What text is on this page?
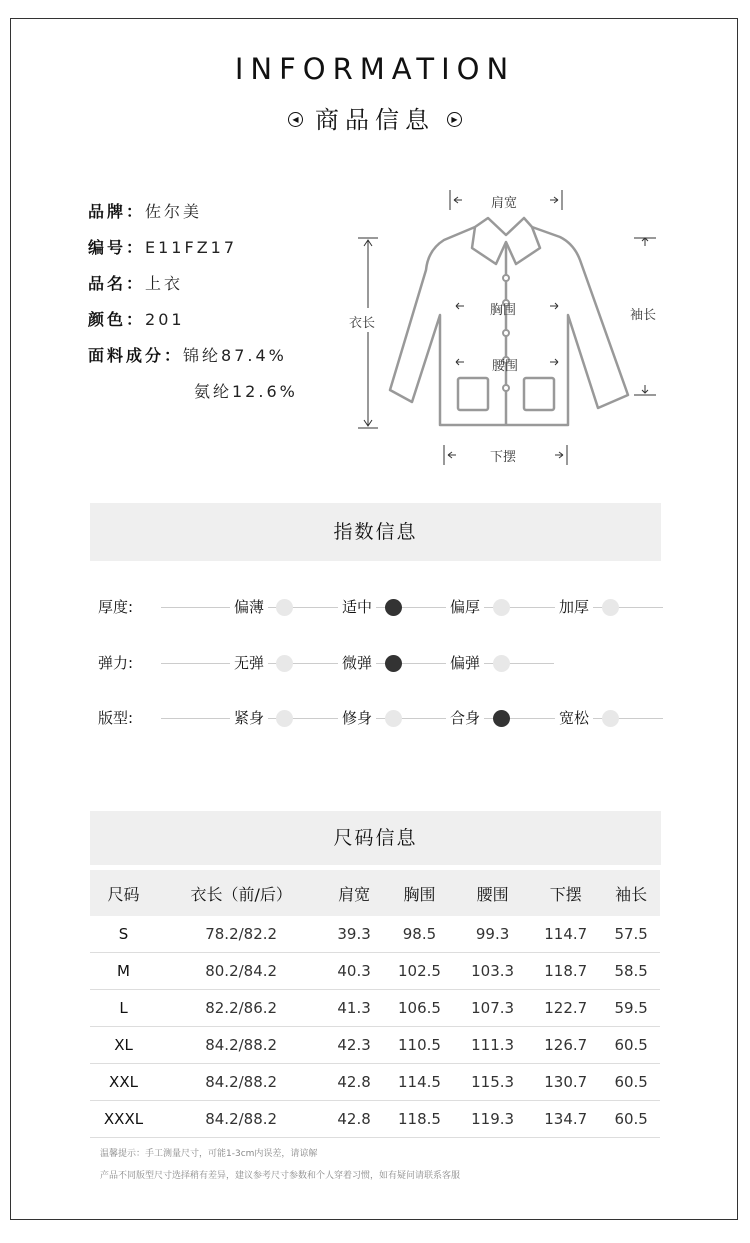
INFORMATION
◀ 商品信息 ▶
品牌：佐尔美
编号：E11FZ17
品名：上衣
颜色：201
面料成分：锦纶87.4%
氨纶12.6%
肩宽
衣长
胸围
腰围
袖长
下摆
指数信息
厚度:	偏薄	适中	偏厚	加厚
弹力:	无弹	微弹	偏弹
版型:	紧身	修身	合身	宽松
尺码信息
尺码	衣长（前/后）	肩宽	胸围	腰围	下摆	袖长
S	78.2/82.2	39.3	98.5	99.3	114.7	57.5
M	80.2/84.2	40.3	102.5	103.3	118.7	58.5
L	82.2/86.2	41.3	106.5	107.3	122.7	59.5
XL	84.2/88.2	42.3	110.5	111.3	126.7	60.5
XXL	84.2/88.2	42.8	114.5	115.3	130.7	60.5
XXXL	84.2/88.2	42.8	118.5	119.3	134.7	60.5
温馨提示：手工测量尺寸，可能1-3cm内误差，请谅解
产品不同版型尺寸选择稍有差异，建议参考尺寸参数和个人穿着习惯，如有疑问请联系客服
